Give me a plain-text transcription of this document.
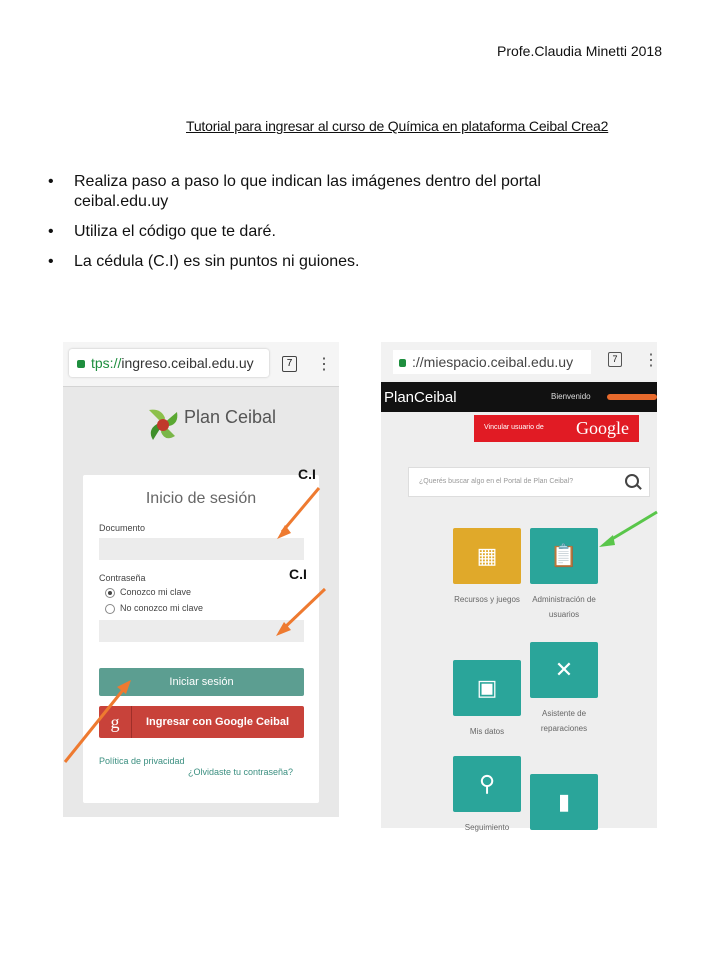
Profe.Claudia Minetti 2018
Tutorial para ingresar al curso de Química en plataforma Ceibal Crea2
• Realiza paso a paso lo que indican las imágenes dentro del portal ceibal.edu.uy
• Utiliza el código que te daré.
• La cédula (C.I) es sin puntos ni guiones.
tps://ingreso.ceibal.edu.uy	7 ⋮
Plan Ceibal
Inicio de sesión
Documento
Contraseña
Conozco mi clave
No conozco mi clave
Iniciar sesión
g	Ingresar con Google Ceibal
Política de privacidad
¿Olvidaste tu contraseña?
C.I
C.I
://miespacio.ceibal.edu.uy	7 ⋮
PlanCeibal	Bienvenido
Vincular usuario de Google
¿Querés buscar algo en el Portal de Plan Ceibal?
▦
Recursos y juegos
📋
Administración de usuarios
▣
Mis datos
✕
Asistente de reparaciones
⚲
Seguimiento
▮
